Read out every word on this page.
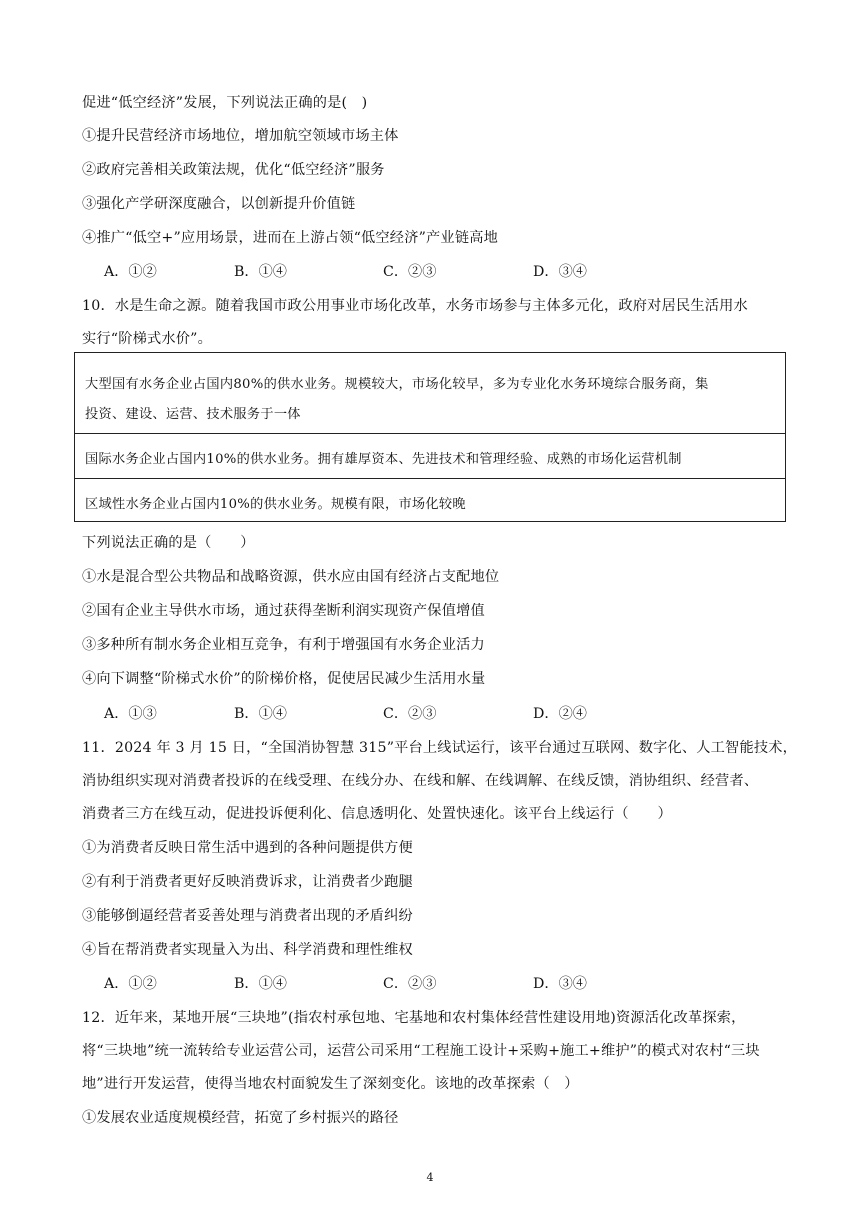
促进“低空经济”发展，下列说法正确的是(　)
①提升民营经济市场地位，增加航空领域市场主体
②政府完善相关政策法规，优化“低空经济”服务
③强化产学研深度融合，以创新提升价值链
④推广“低空+”应用场景，进而在上游占领“低空经济”产业链高地
A．①②	B．①④	C．②③	D．③④
10．水是生命之源。随着我国市政公用事业市场化改革，水务市场参与主体多元化，政府对居民生活用水
实行“阶梯式水价”。
大型国有水务企业占国内80%的供水业务。规模较大，市场化较早，多为专业化水务环境综合服务商，集
投资、建设、运营、技术服务于一体
国际水务企业占国内10%的供水业务。拥有雄厚资本、先进技术和管理经验、成熟的市场化运营机制
区域性水务企业占国内10%的供水业务。规模有限，市场化较晚
下列说法正确的是（　　）
①水是混合型公共物品和战略资源，供水应由国有经济占支配地位
②国有企业主导供水市场，通过获得垄断利润实现资产保值增值
③多种所有制水务企业相互竞争，有利于增强国有水务企业活力
④向下调整“阶梯式水价”的阶梯价格，促使居民减少生活用水量
A．①③	B．①④	C．②③	D．②④
11．2024 年 3 月 15 日，“全国消协智慧 315”平台上线试运行，该平台通过互联网、数字化、人工智能技术，
消协组织实现对消费者投诉的在线受理、在线分办、在线和解、在线调解、在线反馈，消协组织、经营者、
消费者三方在线互动，促进投诉便利化、信息透明化、处置快速化。该平台上线运行（　　）
①为消费者反映日常生活中遇到的各种问题提供方便
②有利于消费者更好反映消费诉求，让消费者少跑腿
③能够倒逼经营者妥善处理与消费者出现的矛盾纠纷
④旨在帮消费者实现量入为出、科学消费和理性维权
A．①②	B．①④	C．②③	D．③④
12．近年来，某地开展“三块地”(指农村承包地、宅基地和农村集体经营性建设用地)资源活化改革探索，
将“三块地”统一流转给专业运营公司，运营公司采用“工程施工设计+采购+施工+维护”的模式对农村“三块
地”进行开发运营，使得当地农村面貌发生了深刻变化。该地的改革探索（　）
①发展农业适度规模经营，拓宽了乡村振兴的路径
4
